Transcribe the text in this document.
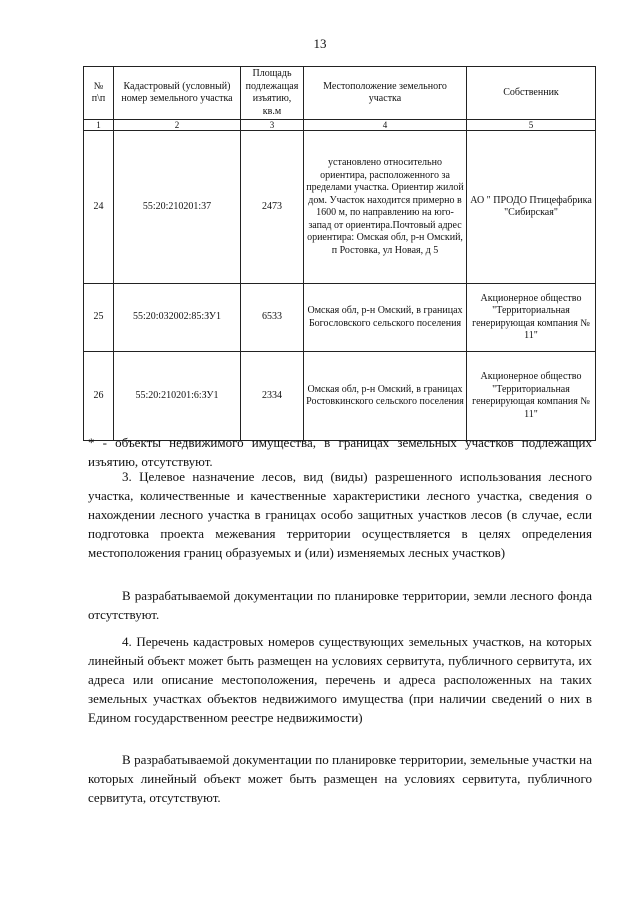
13
№ п\п	Кадастровый (условный) номер земельного участка	Площадь подлежащая изъятию, кв.м	Местоположение земельного участка	Собственник
1	2	3	4	5
24	55:20:210201:37	2473	установлено относительно ориентира, расположенного за пределами участка. Ориентир жилой дом. Участок находится примерно в 1600 м, по направлению на юго-запад от ориентира.Почтовый адрес ориентира: Омская обл, р-н Омский, п Ростовка, ул Новая, д 5	АО " ПРОДО Птицефабрика "Сибирская"
25	55:20:032002:85:ЗУ1	6533	Омская обл, р-н Омский, в границах Богословского сельского поселения	Акционерное общество "Территориальная генерирующая компания № 11"
26	55:20:210201:6:ЗУ1	2334	Омская обл, р-н Омский, в границах Ростовкинского сельского поселения	Акционерное общество "Территориальная генерирующая компания № 11"
* - объекты недвижимого имущества, в границах земельных участков подлежащих изъятию, отсутствуют.

3. Целевое назначение лесов, вид (виды) разрешенного использования лесного участка, количественные и качественные характеристики лесного участка, сведения о нахождении лесного участка в границах особо защитных участков лесов (в случае, если подготовка проекта межевания территории осуществляется в целях определения местоположения границ образуемых и (или) изменяемых лесных участков)

В разрабатываемой документации по планировке территории, земли лесного фонда отсутствуют.

4. Перечень кадастровых номеров существующих земельных участков, на которых линейный объект может быть размещен на условиях сервитута, публичного сервитута, их адреса или описание местоположения, перечень и адреса расположенных на таких земельных участках объектов недвижимого имущества (при наличии сведений о них в Едином государственном реестре недвижимости)

В разрабатываемой документации по планировке территории, земельные участки на которых линейный объект может быть размещен на условиях сервитута, публичного сервитута, отсутствуют.
